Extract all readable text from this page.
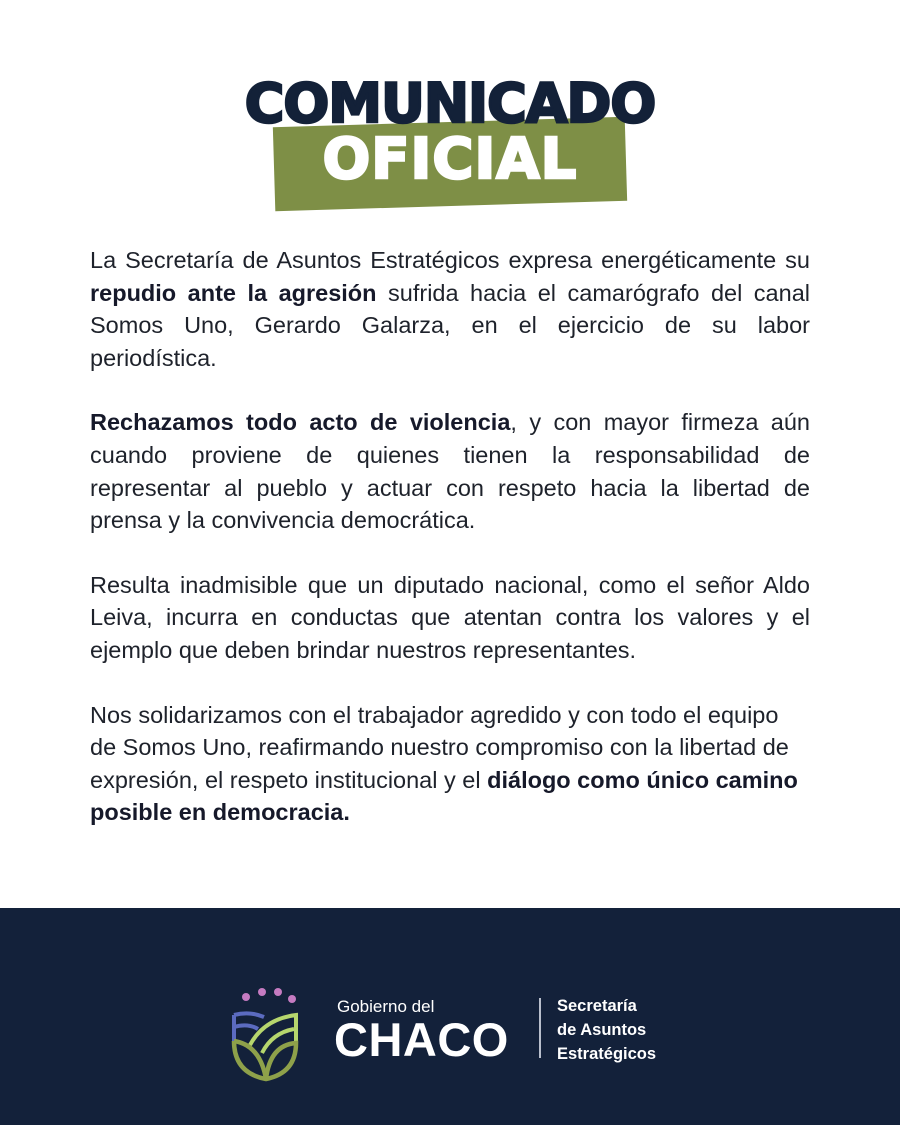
COMUNICADO
OFICIAL

La Secretaría de Asuntos Estratégicos expresa energéticamente su repudio ante la agresión sufrida hacia el camarógrafo del canal Somos Uno, Gerardo Galarza, en el ejercicio de su labor periodística.

Rechazamos todo acto de violencia, y con mayor firmeza aún cuando proviene de quienes tienen la responsabilidad de representar al pueblo y actuar con respeto hacia la libertad de prensa y la convivencia democrática.

Resulta inadmisible que un diputado nacional, como el señor Aldo Leiva, incurra en conductas que atentan contra los valores y el ejemplo que deben brindar nuestros representantes.

Nos solidarizamos con el trabajador agredido y con todo el equipo de Somos Uno, reafirmando nuestro compromiso con la libertad de expresión, el respeto institucional y el diálogo como único camino posible en democracia.

Gobierno del
CHACO
Secretaría
de Asuntos
Estratégicos
